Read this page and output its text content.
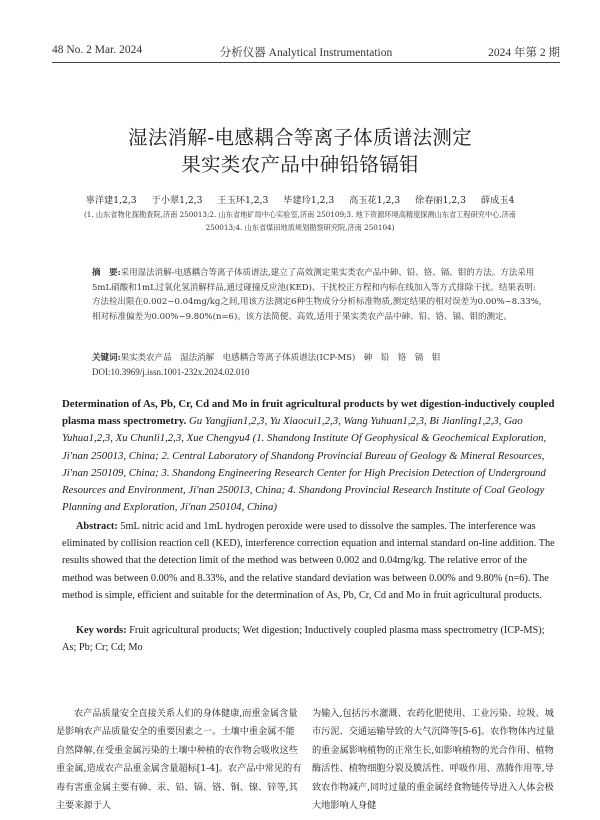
48 No. 2 Mar. 2024	分析仪器 Analytical Instrumentation	2024 年第 2 期
湿法消解-电感耦合等离子体质谱法测定
果实类农产品中砷铅铬镉钼
辜洋建1,2,3 于小翠1,2,3 王玉环1,2,3 毕建玲1,2,3 高玉花1,2,3 徐春丽1,2,3 薛成玉4
(1. 山东省物化探勘查院,济南 250013;2. 山东省地矿局中心实验室,济南 250109;3. 地下资源环境高精度探测山东省工程研究中心,济南
250013;4. 山东省煤田地质规划勘察研究院,济南 250104)
摘　要:采用湿法消解-电感耦合等离子体质谱法,建立了高效测定果实类农产品中砷、铅、铬、镉、钼的方法。方法采用5mL硝酸和1mL过氧化氢消解样品,通过碰撞反应池(KED)、干扰校正方程和内标在线加入等方式排除干扰。结果表明:方法检出限在0.002~0.04mg/kg之间,用该方法测定6种生物成分分析标准物质,测定结果的相对误差为0.00%~8.33%,相对标准偏差为0.00%~9.80%(n=6)。该方法简便、高效,适用于果实类农产品中砷、铅、铬、镉、钼的测定。
关键词:果实类农产品　湿法消解　电感耦合等离子体质谱法(ICP-MS)　砷　铅　铬　镉　钼
DOI:10.3969/j.issn.1001-232x.2024.02.010
Determination of As, Pb, Cr, Cd and Mo in fruit agricultural products by wet digestion-inductively coupled plasma mass spectrometry. Gu Yangjian1,2,3, Yu Xiaocui1,2,3, Wang Yuhuan1,2,3, Bi Jianling1,2,3, Gao Yuhua1,2,3, Xu Chunli1,2,3, Xue Chengyu4 (1. Shandong Institute Of Geophysical & Geochemical Exploration, Ji'nan 250013, China; 2. Central Laboratory of Shandong Provincial Bureau of Geology & Mineral Resources, Ji'nan 250109, China; 3. Shandong Engineering Research Center for High Precision Detection of Underground Resources and Environment, Ji'nan 250013, China; 4. Shandong Provincial Research Institute of Coal Geology Planning and Exploration, Ji'nan 250104, China)
Abstract: 5mL nitric acid and 1mL hydrogen peroxide were used to dissolve the samples. The interference was eliminated by collision reaction cell (KED), interference correction equation and internal standard on-line addition. The results showed that the detection limit of the method was between 0.002 and 0.04mg/kg. The relative error of the method was between 0.00% and 8.33%, and the relative standard deviation was between 0.00% and 9.80% (n=6). The method is simple, efficient and suitable for the determination of As, Pb, Cr, Cd and Mo in fruit agricultural products.
Key words: Fruit agricultural products; Wet digestion; Inductively coupled plasma mass spectrometry (ICP-MS); As; Pb; Cr; Cd; Mo
农产品质量安全直接关系人们的身体健康,而重金属含量是影响农产品质量安全的重要因素之一。土壤中重金属不能自然降解,在受重金属污染的土壤中种植的农作物会吸收这些重金属,造成农产品重金属含量超标[1-4]。农产品中常见的有毒有害重金属主要有砷、汞、铅、镉、铬、铜、镍、锌等,其主要来源于人
为输入,包括污水灌溉、农药化肥使用、工业污染、垃圾、城市污泥、交通运输导致的大气沉降等[5-6]。农作物体内过量的重金属影响植物的正常生长,如影响植物的光合作用、植物酶活性、植物细胞分裂及膜活性、呼吸作用、蒸腾作用等,导致农作物减产,同时过量的重金属经食物链传导进入人体会极大地影响人身健
